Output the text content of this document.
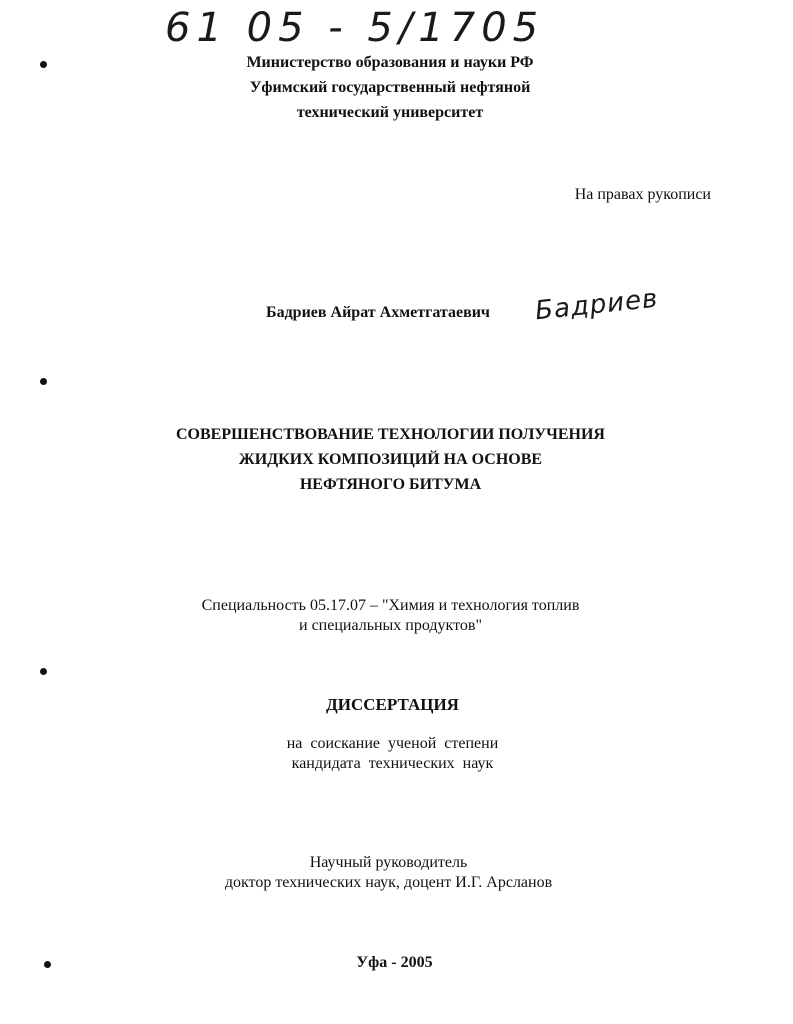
61 05 - 5/1705
Министерство образования и науки РФ
Уфимский государственный нефтяной
технический университет
На правах рукописи
Бадриев Айрат Ахметгатаевич Бадриев
СОВЕРШЕНСТВОВАНИЕ ТЕХНОЛОГИИ ПОЛУЧЕНИЯ
ЖИДКИХ КОМПОЗИЦИЙ НА ОСНОВЕ
НЕФТЯНОГО БИТУМА
Специальность 05.17.07 – "Химия и технология топлив
и специальных продуктов"
ДИССЕРТАЦИЯ
на соискание ученой степени
кандидата технических наук
Научный руководитель
доктор технических наук, доцент И.Г. Арсланов
Уфа - 2005
